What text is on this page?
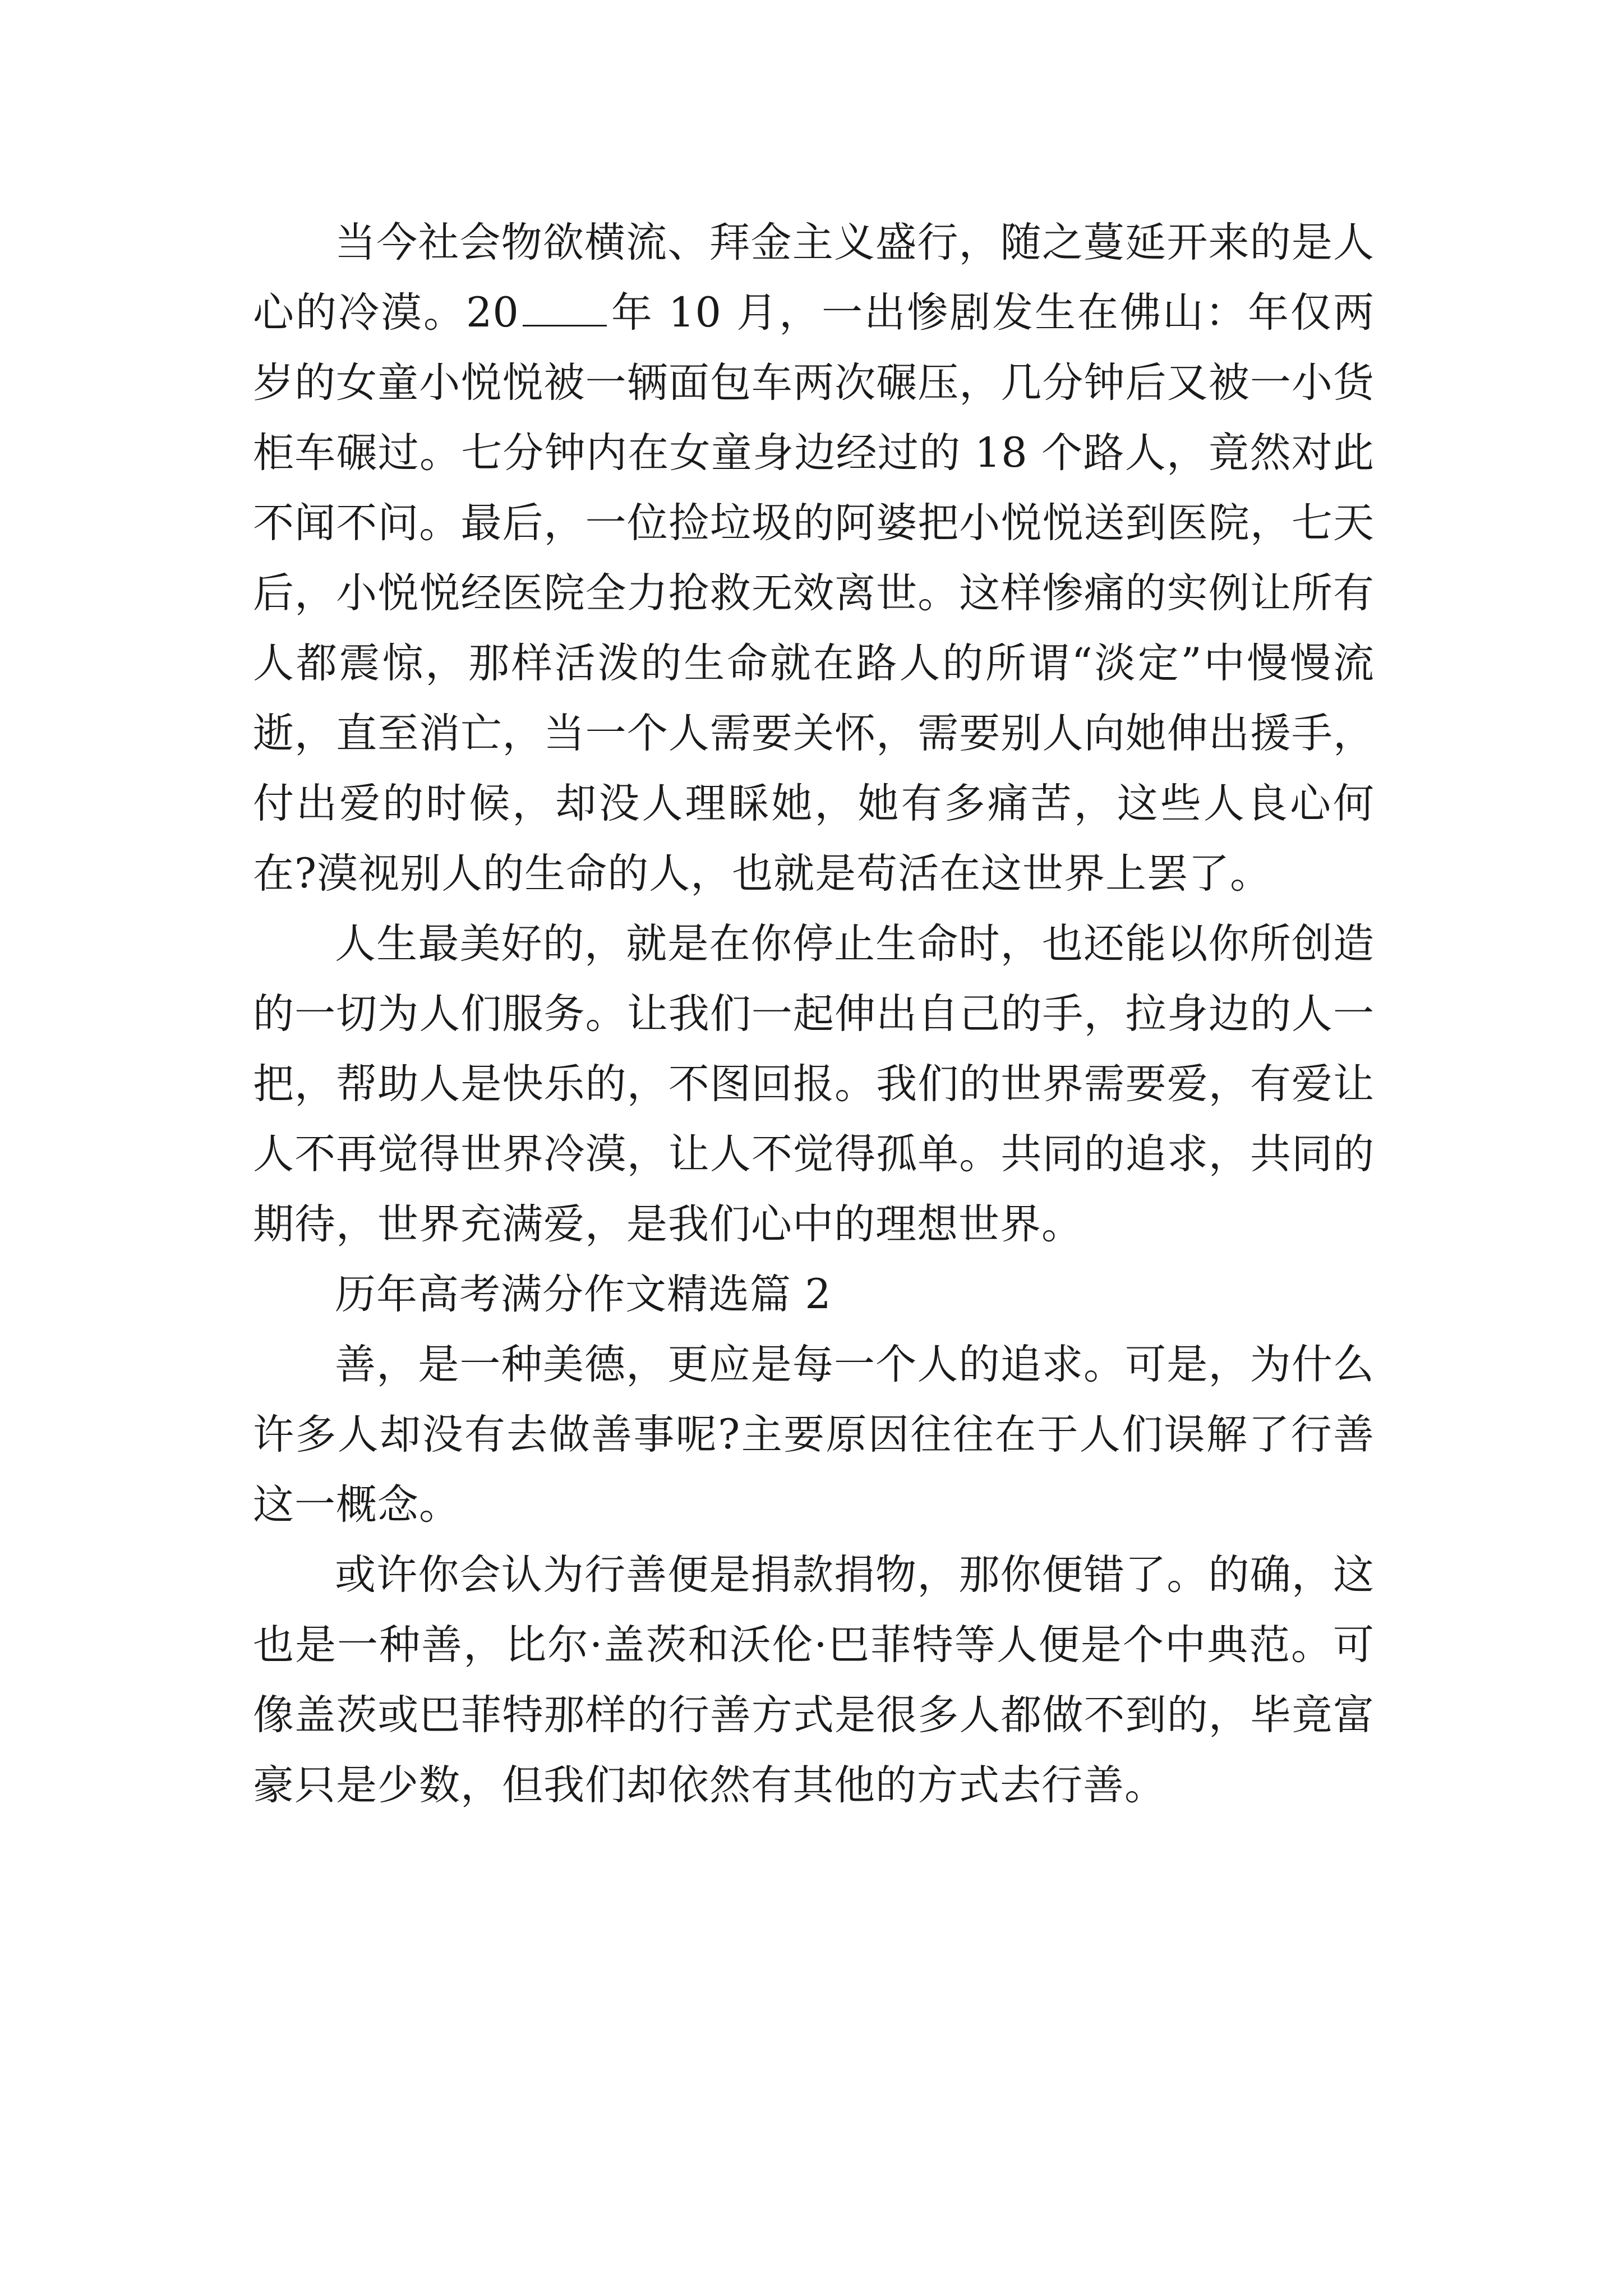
当今社会物欲横流、拜金主义盛行，随之蔓延开来的是人心的冷漠。20 年 10 月，一出惨剧发生在佛山：年仅两岁的女童小悦悦被一辆面包车两次碾压，几分钟后又被一小货柜车碾过。七分钟内在女童身边经过的 18 个路人，竟然对此不闻不问。最后，一位捡垃圾的阿婆把小悦悦送到医院，七天后，小悦悦经医院全力抢救无效离世。这样惨痛的实例让所有人都震惊，那样活泼的生命就在路人的所谓“淡定”中慢慢流逝，直至消亡，当一个人需要关怀，需要别人向她伸出援手，付出爱的时候，却没人理睬她，她有多痛苦，这些人良心何在?漠视别人的生命的人，也就是苟活在这世界上罢了。

人生最美好的，就是在你停止生命时，也还能以你所创造的一切为人们服务。让我们一起伸出自己的手，拉身边的人一把，帮助人是快乐的，不图回报。我们的世界需要爱，有爱让人不再觉得世界冷漠，让人不觉得孤单。共同的追求，共同的期待，世界充满爱，是我们心中的理想世界。

历年高考满分作文精选篇 2

善，是一种美德，更应是每一个人的追求。可是，为什么许多人却没有去做善事呢?主要原因往往在于人们误解了行善这一概念。

或许你会认为行善便是捐款捐物，那你便错了。的确，这也是一种善，比尔·盖茨和沃伦·巴菲特等人便是个中典范。可像盖茨或巴菲特那样的行善方式是很多人都做不到的，毕竟富豪只是少数，但我们却依然有其他的方式去行善。
